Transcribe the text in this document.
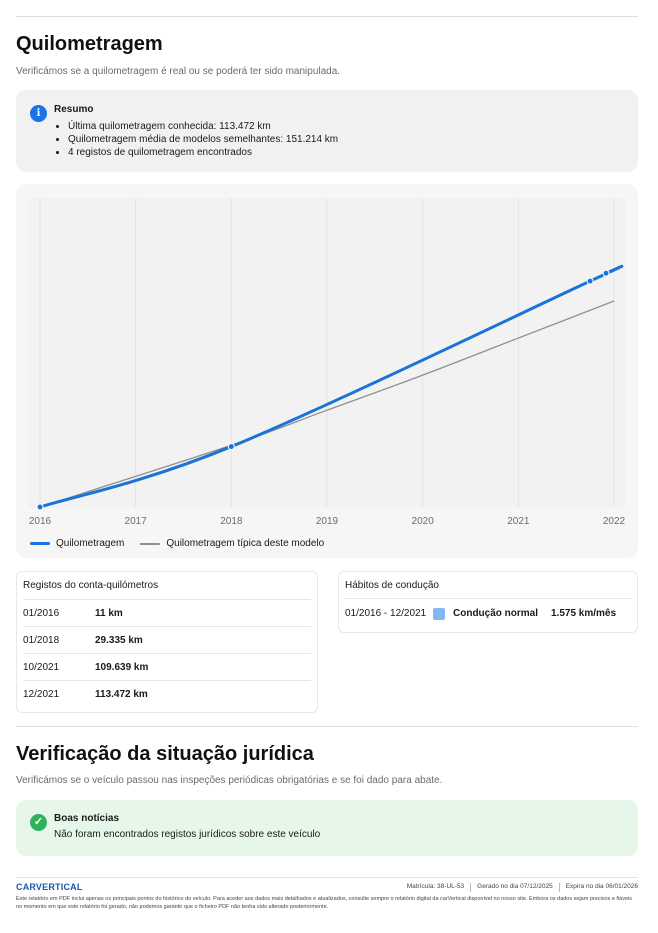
Quilometragem
Verificámos se a quilometragem é real ou se poderá ter sido manipulada.
i	Resumo
• Última quilometragem conhecida: 113.472 km
• Quilometragem média de modelos semelhantes: 151.214 km
• 4 registos de quilometragem encontrados
2016	2017	2018	2019	2020	2021	2022
Quilometragem	Quilometragem típica deste modelo
Registos do conta-quilómetros
01/2016	11 km
01/2018	29.335 km
10/2021	109.639 km
12/2021	113.472 km
Hábitos de condução
01/2016 - 12/2021	Condução normal 1.575 km/mês
Verificação da situação jurídica
Verificámos se o veículo passou nas inspeções periódicas obrigatórias e se foi dado para abate.
✓	Boas notícias
Não foram encontrados registos jurídicos sobre este veículo
CARVERTICAL	Matrícula: 38-UL-53 Gerado no dia 07/12/2025 Expira no dia 06/01/2026
Este relatório em PDF inclui apenas os principais pontos do histórico do veículo. Para aceder aos dados mais detalhados e atualizados, consulte sempre o relatório digital da carVertical disponível no nosso site. Embora os dados sejam precisos e fiáveis no momento em que este relatório foi gerado, não podemos garantir que o ficheiro PDF não tenha sido alterado posteriormente.
